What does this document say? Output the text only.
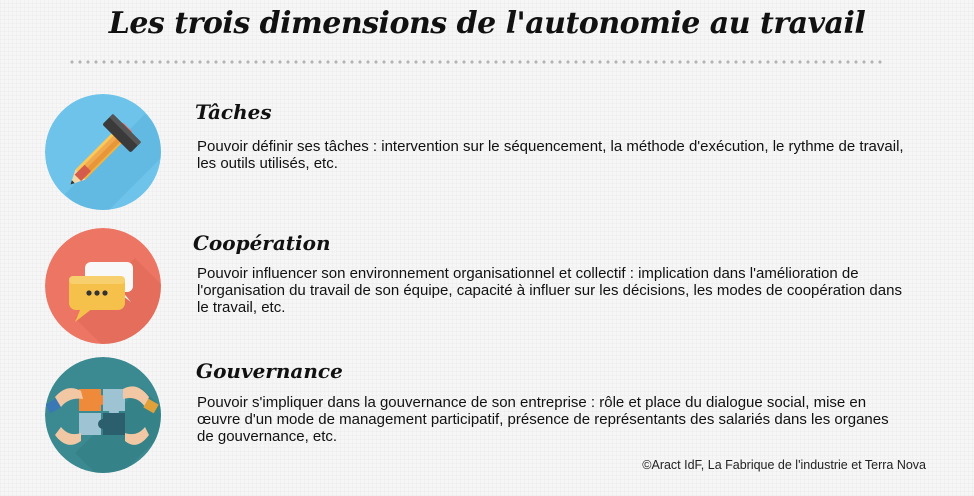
Les trois dimensions de l'autonomie au travail
Tâches
Pouvoir définir ses tâches : intervention sur le séquencement, la méthode d'exécution, le rythme de travail, les outils utilisés, etc.
Coopération
Pouvoir influencer son environnement organisationnel et collectif : implication dans l'amélioration de l'organisation du travail de son équipe, capacité à influer sur les décisions, les modes de coopération dans le travail, etc.
Gouvernance
Pouvoir s'impliquer dans la gouvernance de son entreprise : rôle et place du dialogue social, mise en œuvre d'un mode de management participatif, présence de représentants des salariés dans les organes de gouvernance, etc.
©Aract IdF, La Fabrique de l'industrie et Terra Nova
